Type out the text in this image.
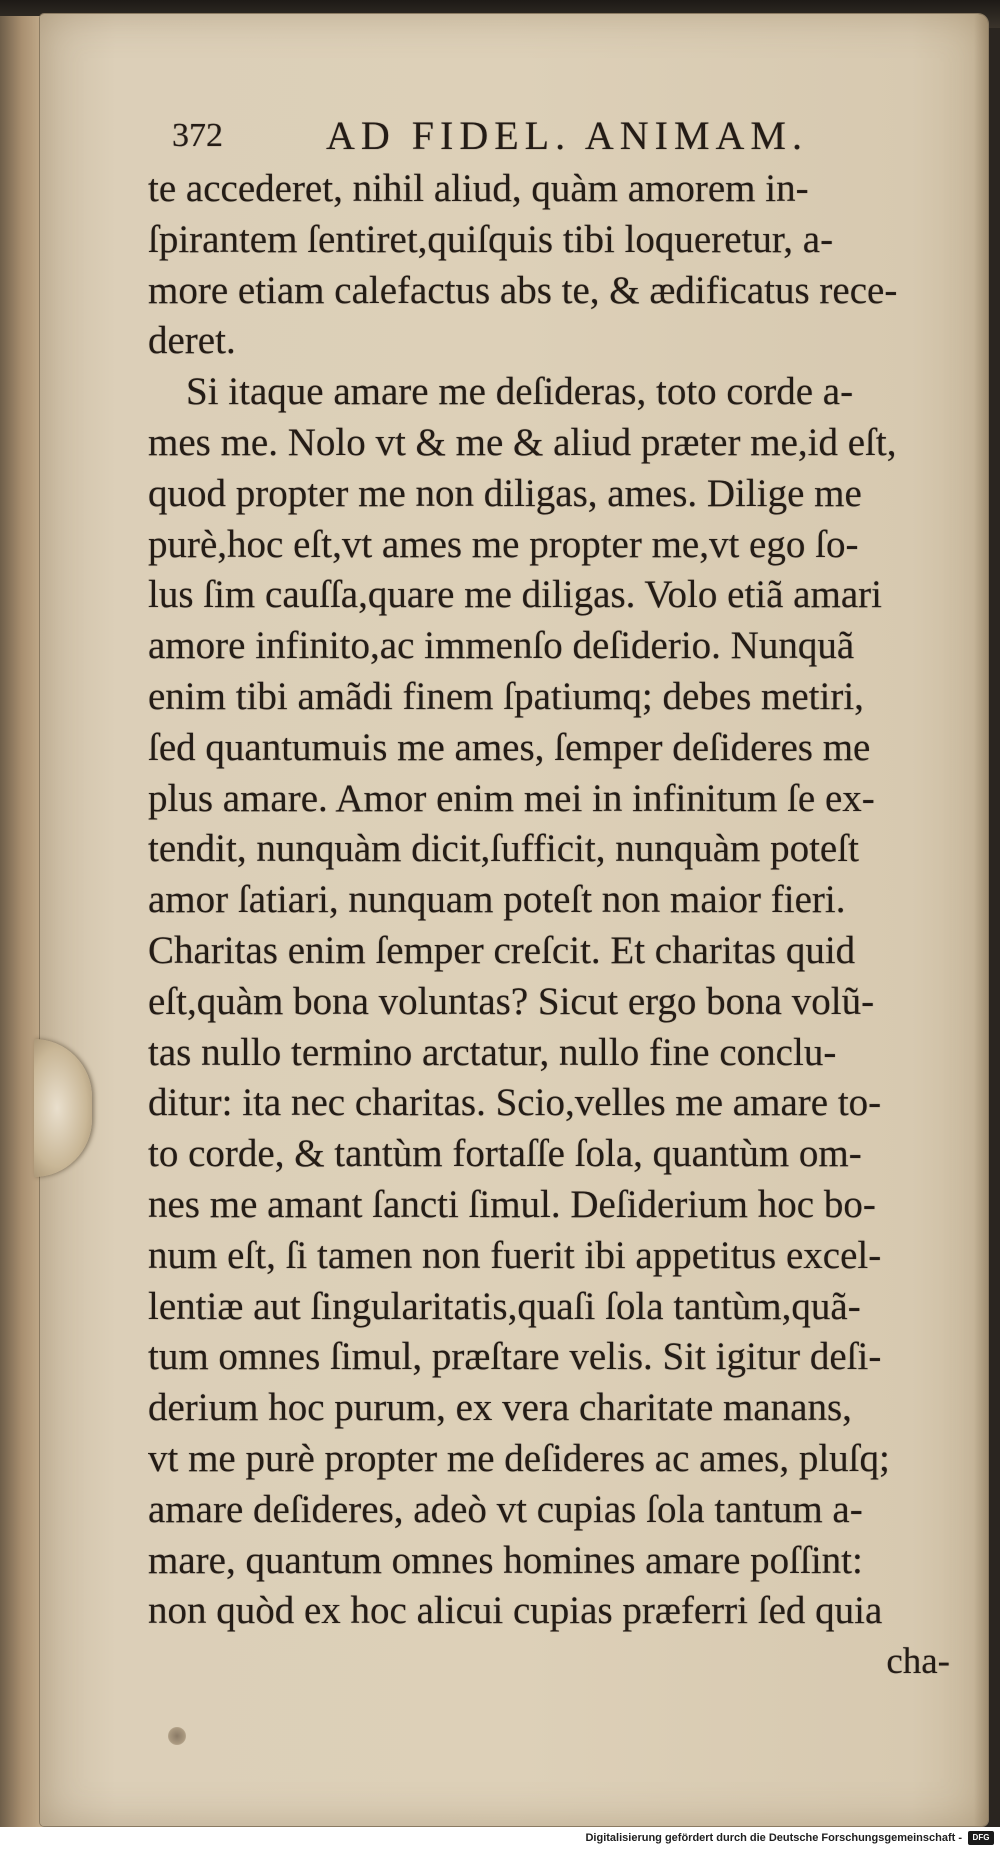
372	AD FIDEL. ANIMAM.
te accederet, nihil aliud, quàm amorem in-
ſpirantem ſentiret,quiſquis tibi loqueretur, a-
more etiam calefactus abs te, & ædificatus rece-
deret.
Si itaque amare me deſideras, toto corde a-
mes me. Nolo vt & me & aliud præter me,id eſt,
quod propter me non diligas, ames. Dilige me
purè,hoc eſt,vt ames me propter me,vt ego ſo-
lus ſim cauſſa,quare me diligas. Volo etiã amari
amore infinito,ac immenſo deſiderio. Nunquã
enim tibi amãdi finem ſpatiumq; debes metiri,
ſed quantumuis me ames, ſemper deſideres me
plus amare. Amor enim mei in infinitum ſe ex-
tendit, nunquàm dicit,ſufficit, nunquàm poteſt
amor ſatiari, nunquam poteſt non maior fieri.
Charitas enim ſemper creſcit. Et charitas quid
eſt,quàm bona voluntas? Sicut ergo bona volũ-
tas nullo termino arctatur, nullo fine conclu-
ditur: ita nec charitas. Scio,velles me amare to-
to corde, & tantùm fortaſſe ſola, quantùm om-
nes me amant ſancti ſimul. Deſiderium hoc bo-
num eſt, ſi tamen non fuerit ibi appetitus excel-
lentiæ aut ſingularitatis,quaſi ſola tantùm,quã-
tum omnes ſimul, præſtare velis. Sit igitur deſi-
derium hoc purum, ex vera charitate manans,
vt me purè propter me deſideres ac ames, pluſq;
amare deſideres, adeò vt cupias ſola tantum a-
mare, quantum omnes homines amare poſſint:
non quòd ex hoc alicui cupias præferri ſed quia
cha-
Digitalisierung gefördert durch die Deutsche Forschungsgemeinschaft -	DFG
